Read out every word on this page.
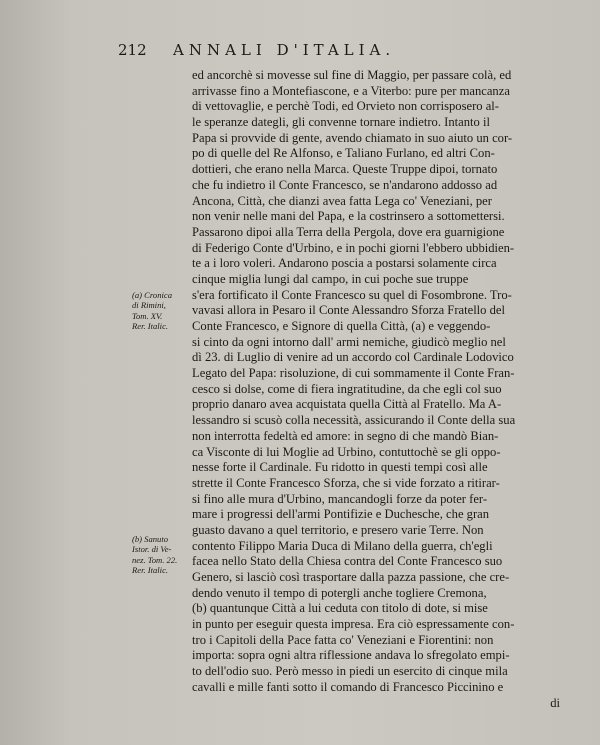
212 ANNALI D'ITALIA.
(a) Cronica
di Rimini,
Tom. XV.
Rer. Italic.
(b) Sanuto
Istor. di Ve-
nez. Tom. 22.
Rer. Italic.
ed ancorchè si movesse sul fine di Maggio, per passare colà, ed
arrivasse fino a Montefiascone, e a Viterbo: pure per mancanza
di vettovaglie, e perchè Todi, ed Orvieto non corrisposero al-
le speranze dategli, gli convenne tornare indietro. Intanto il
Papa si provvide di gente, avendo chiamato in suo aiuto un cor-
po di quelle del Re Alfonso, e Taliano Furlano, ed altri Con-
dottieri, che erano nella Marca. Queste Truppe dipoi, tornato
che fu indietro il Conte Francesco, se n'andarono addosso ad
Ancona, Città, che dianzi avea fatta Lega co' Veneziani, per
non venir nelle mani del Papa, e la costrinsero a sottomettersi.
Passarono dipoi alla Terra della Pergola, dove era guarnigione
di Federigo Conte d'Urbino, e in pochi giorni l'ebbero ubbidien-
te a i loro voleri. Andarono poscia a postarsi solamente circa
cinque miglia lungi dal campo, in cui poche sue truppe
s'era fortificato il Conte Francesco su quel di Fosombrone. Tro-
vavasi allora in Pesaro il Conte Alessandro Sforza Fratello del
Conte Francesco, e Signore di quella Città, (a) e veggendo-
si cinto da ogni intorno dall' armi nemiche, giudicò meglio nel
dì 23. di Luglio di venire ad un accordo col Cardinale Lodovico
Legato del Papa: risoluzione, di cui sommamente il Conte Fran-
cesco si dolse, come di fiera ingratitudine, da che egli col suo
proprio danaro avea acquistata quella Città al Fratello. Ma A-
lessandro si scusò colla necessità, assicurando il Conte della sua
non interrotta fedeltà ed amore: in segno di che mandò Bian-
ca Visconte di lui Moglie ad Urbino, contuttochè se gli oppo-
nesse forte il Cardinale. Fu ridotto in questi tempi così alle
strette il Conte Francesco Sforza, che si vide forzato a ritirar-
si fino alle mura d'Urbino, mancandogli forze da poter fer-
mare i progressi dell'armi Pontifizie e Duchesche, che gran
guasto davano a quel territorio, e presero varie Terre. Non
contento Filippo Maria Duca di Milano della guerra, ch'egli
facea nello Stato della Chiesa contra del Conte Francesco suo
Genero, si lasciò così trasportare dalla pazza passione, che cre-
dendo venuto il tempo di potergli anche togliere Cremona,
(b) quantunque Città a lui ceduta con titolo di dote, si mise
in punto per eseguir questa impresa. Era ciò espressamente con-
tro i Capitoli della Pace fatta co' Veneziani e Fiorentini: non
importa: sopra ogni altra riflessione andava lo sfregolato empi-
to dell'odio suo. Però messo in piedi un esercito di cinque mila
cavalli e mille fanti sotto il comando di Francesco Piccinino e
di
